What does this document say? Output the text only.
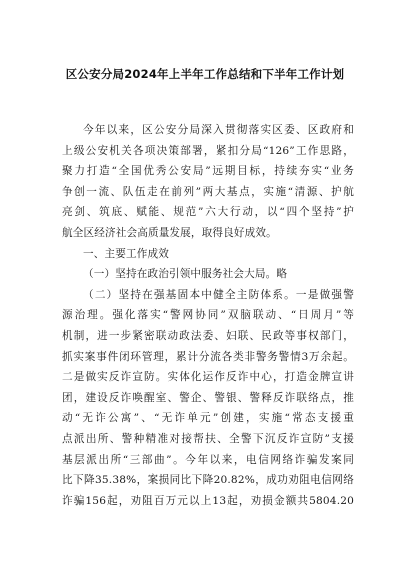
区公安分局2024年上半年工作总结和下半年工作计划
今年以来，区公安分局深入贯彻落实区委、区政府和
上级公安机关各项决策部署，紧扣分局“126”工作思路，
聚力打造“全国优秀公安局”远期目标，持续夯实“业务
争创一流、队伍走在前列”两大基点，实施“清源、护航
亮剑、筑底、赋能、规范”六大行动，以“四个坚持”护
航全区经济社会高质量发展，取得良好成效。
一、主要工作成效
（一）坚持在政治引领中服务社会大局。略
（二）坚持在强基固本中健全主防体系。一是做强警
源治理。强化落实“警网协同”双脑联动、“日周月”等
机制，进一步紧密联动政法委、妇联、民政等事权部门，
抓实案事件闭环管理，累计分流各类非警务警情3万余起。
二是做实反诈宣防。实体化运作反诈中心，打造金牌宣讲
团，建设反诈唤醒室、警企、警银、警释反诈联络点，推
动“无诈公寓”、“无诈单元”创建，实施“常态支援重
点派出所、警种精准对接帮扶、全警下沉反诈宣防”支援
基层派出所“三部曲”。今年以来，电信网络诈骗发案同
比下降35.38%，案损同比下降20.82%，成功劝阻电信网络
诈骗156起，劝阻百万元以上13起，劝损金额共5804.20
